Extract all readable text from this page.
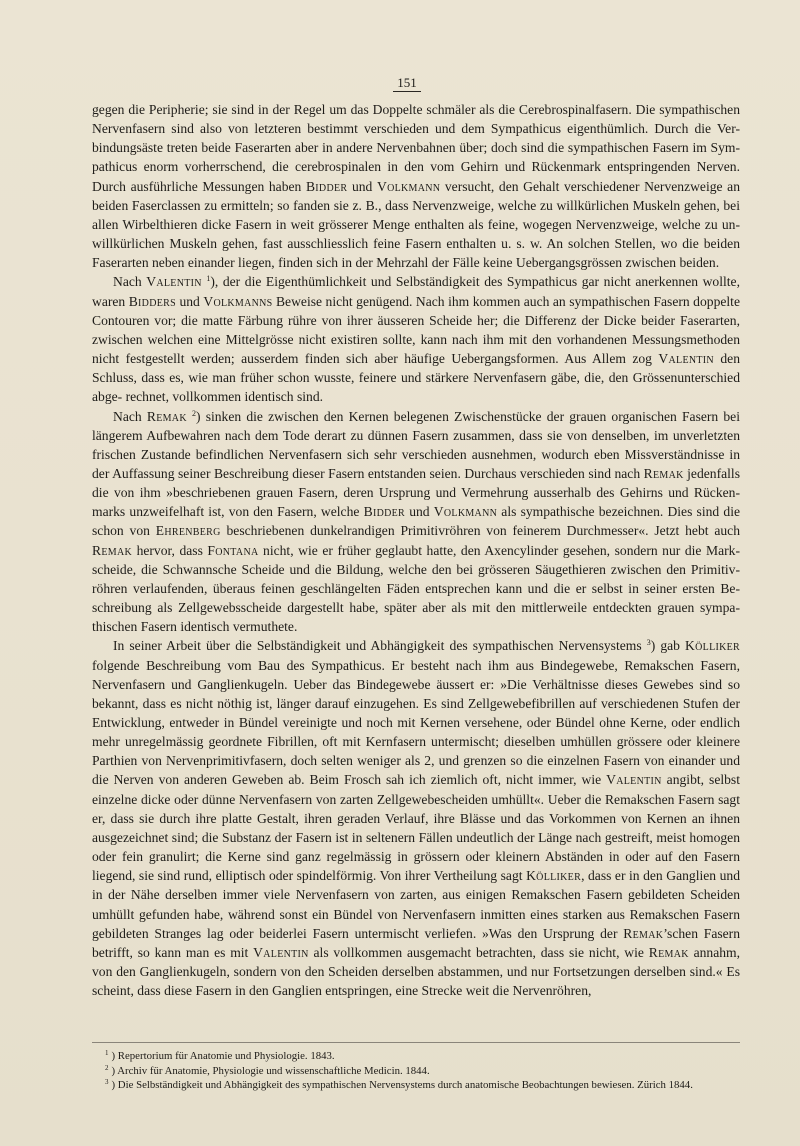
151

gegen die Peripherie; sie sind in der Regel um das Doppelte schmäler als die Cerebrospinalfasern. Die sympathischen Nervenfasern sind also von letzteren bestimmt verschieden und dem Sympathicus eigenthümlich. Durch die Ver- bindungsäste treten beide Faserarten aber in andere Nervenbahnen über; doch sind die sympathischen Fasern im Sym- pathicus enorm vorherrschend, die cerebrospinalen in den vom Gehirn und Rückenmark entspringenden Nerven. Durch ausführliche Messungen haben Bidder und Volkmann versucht, den Gehalt verschiedener Nervenzweige an beiden Faserclassen zu ermitteln; so fanden sie z. B., dass Nervenzweige, welche zu willkürlichen Muskeln gehen, bei allen Wirbelthieren dicke Fasern in weit grösserer Menge enthalten als feine, wogegen Nervenzweige, welche zu un- willkürlichen Muskeln gehen, fast ausschliesslich feine Fasern enthalten u. s. w. An solchen Stellen, wo die beiden Faserarten neben einander liegen, finden sich in der Mehrzahl der Fälle keine Uebergangsgrössen zwischen beiden.

Nach Valentin $^1$), der die Eigenthümlichkeit und Selbständigkeit des Sympathicus gar nicht anerkennen wollte, waren Bidders und Volkmanns Beweise nicht genügend. Nach ihm kommen auch an sympathischen Fasern doppelte Contouren vor; die matte Färbung rühre von ihrer äusseren Scheide her; die Differenz der Dicke beider Faserarten, zwischen welchen eine Mittelgrösse nicht existiren sollte, kann nach ihm mit den vorhandenen Messungsmethoden nicht festgestellt werden; ausserdem finden sich aber häufige Uebergangsformen. Aus Allem zog Valentin den Schluss, dass es, wie man früher schon wusste, feinere und stärkere Nervenfasern gäbe, die, den Grössenunterschied abge- rechnet, vollkommen identisch sind.

Nach Remak $^2$) sinken die zwischen den Kernen belegenen Zwischenstücke der grauen organischen Fasern bei längerem Aufbewahren nach dem Tode derart zu dünnen Fasern zusammen, dass sie von denselben, im unverletzten frischen Zustande befindlichen Nervenfasern sich sehr verschieden ausnehmen, wodurch eben Missverständnisse in der Auffassung seiner Beschreibung dieser Fasern entstanden seien. Durchaus verschieden sind nach Remak jedenfalls die von ihm »beschriebenen grauen Fasern, deren Ursprung und Vermehrung ausserhalb des Gehirns und Rücken- marks unzweifelhaft ist, von den Fasern, welche Bidder und Volkmann als sympathische bezeichnen. Dies sind die schon von Ehrenberg beschriebenen dunkelrandigen Primitivröhren von feinerem Durchmesser«. Jetzt hebt auch Remak hervor, dass Fontana nicht, wie er früher geglaubt hatte, den Axencylinder gesehen, sondern nur die Mark- scheide, die Schwannsche Scheide und die Bildung, welche den bei grösseren Säugethieren zwischen den Primitiv- röhren verlaufenden, überaus feinen geschlängelten Fäden entsprechen kann und die er selbst in seiner ersten Be- schreibung als Zellgewebsscheide dargestellt habe, später aber als mit den mittlerweile entdeckten grauen sympa- thischen Fasern identisch vermuthete.

In seiner Arbeit über die Selbständigkeit und Abhängigkeit des sympathischen Nervensystems $^3$) gab Kölliker folgende Beschreibung vom Bau des Sympathicus. Er besteht nach ihm aus Bindegewebe, Remakschen Fasern, Nervenfasern und Ganglienkugeln. Ueber das Bindegewebe äussert er: »Die Verhältnisse dieses Gewebes sind so bekannt, dass es nicht nöthig ist, länger darauf einzugehen. Es sind Zellgewebefibrillen auf verschiedenen Stufen der Entwicklung, entweder in Bündel vereinigte und noch mit Kernen versehene, oder Bündel ohne Kerne, oder endlich mehr unregelmässig geordnete Fibrillen, oft mit Kernfasern untermischt; dieselben umhüllen grössere oder kleinere Parthien von Nervenprimitivfasern, doch selten weniger als 2, und grenzen so die einzelnen Fasern von einander und die Nerven von anderen Geweben ab. Beim Frosch sah ich ziemlich oft, nicht immer, wie Valentin angibt, selbst einzelne dicke oder dünne Nervenfasern von zarten Zellgewebescheiden umhüllt«. Ueber die Remakschen Fasern sagt er, dass sie durch ihre platte Gestalt, ihren geraden Verlauf, ihre Blässe und das Vorkommen von Kernen an ihnen ausgezeichnet sind; die Substanz der Fasern ist in seltenern Fällen undeutlich der Länge nach gestreift, meist homogen oder fein granulirt; die Kerne sind ganz regelmässig in grössern oder kleinern Abständen in oder auf den Fasern liegend, sie sind rund, elliptisch oder spindelförmig. Von ihrer Vertheilung sagt Kölliker, dass er in den Ganglien und in der Nähe derselben immer viele Nervenfasern von zarten, aus einigen Remakschen Fasern gebildeten Scheiden umhüllt gefunden habe, während sonst ein Bündel von Nervenfasern inmitten eines starken aus Remakschen Fasern gebildeten Stranges lag oder beiderlei Fasern untermischt verliefen. »Was den Ursprung der Remak’schen Fasern betrifft, so kann man es mit Valentin als vollkommen ausgemacht betrachten, dass sie nicht, wie Remak annahm, von den Ganglienkugeln, sondern von den Scheiden derselben abstammen, und nur Fortsetzungen derselben sind.« Es scheint, dass diese Fasern in den Ganglien entspringen, eine Strecke weit die Nervenröhren,

$^1$ ) Repertorium für Anatomie und Physiologie. 1843.
$^2$ ) Archiv für Anatomie, Physiologie und wissenschaftliche Medicin. 1844.
$^3$ ) Die Selbständigkeit und Abhängigkeit des sympathischen Nervensystems durch anatomische Beobachtungen bewiesen. Zürich 1844.
